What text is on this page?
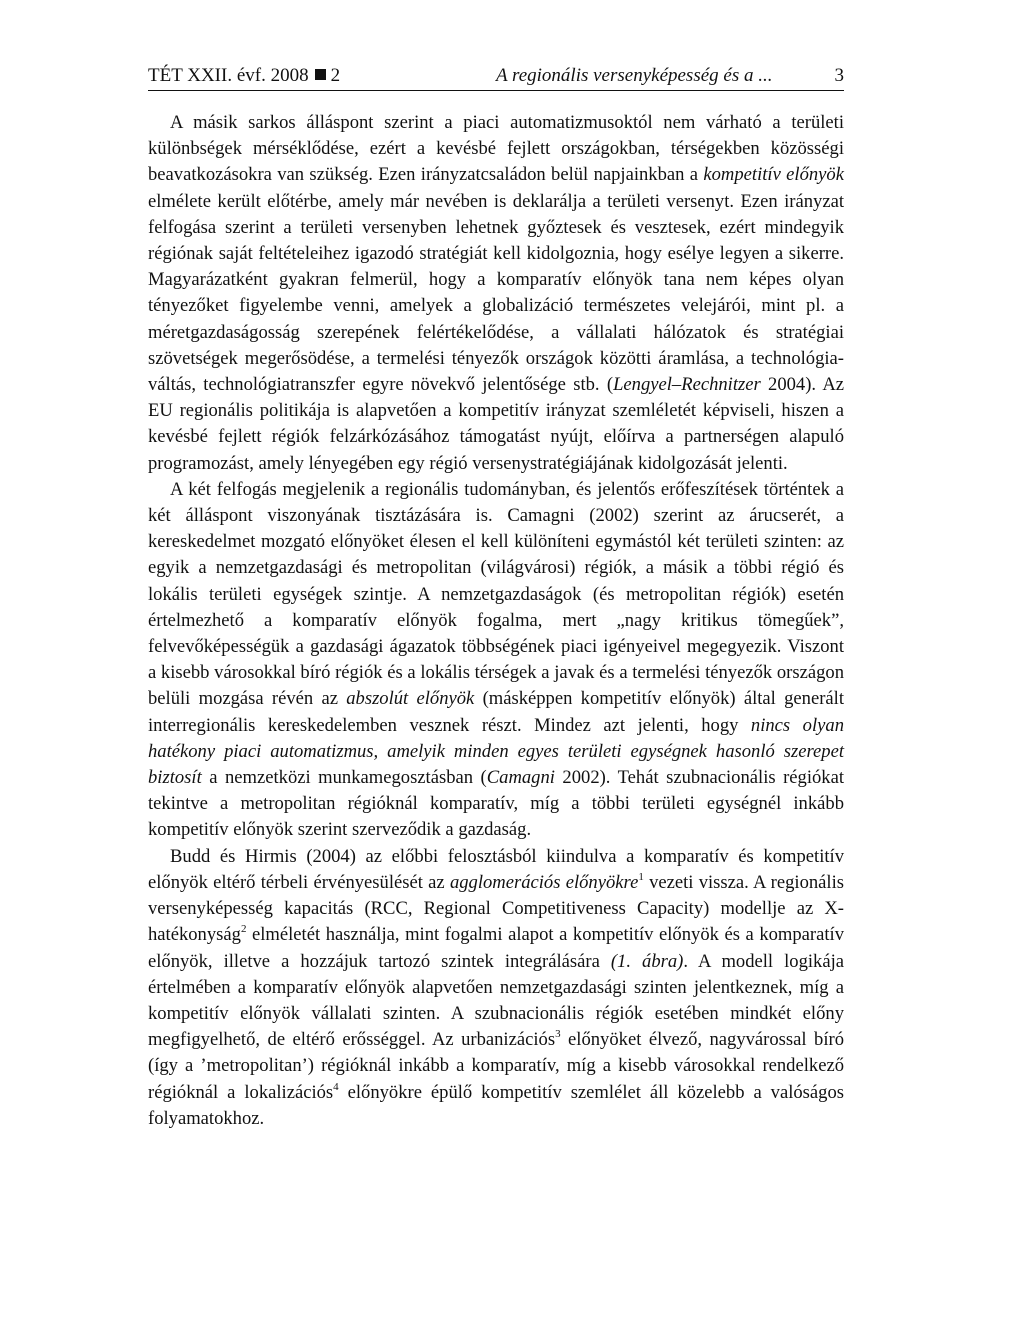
TÉT XXII. évf. 2008 2	A regionális versenyképesség és a ...	3

A másik sarkos álláspont szerint a piaci automatizmusoktól nem várható a területi különbségek mérséklődése, ezért a kevésbé fejlett országokban, térségekben közösségi beavatkozásokra van szükség. Ezen irányzatcsaládon belül napjainkban a kompetitív előnyök elmélete került előtérbe, amely már nevében is deklarálja a területi versenyt. Ezen irányzat felfogása szerint a területi versenyben lehetnek győztesek és vesztesek, ezért mindegyik régiónak saját feltételeihez igazodó stratégiát kell kidolgoznia, hogy esélye legyen a sikerre. Magyarázatként gyakran felmerül, hogy a komparatív előnyök tana nem képes olyan tényezőket figyelembe venni, amelyek a globalizáció természetes velejárói, mint pl. a méretgazdaságosság szerepének felértékelődése, a vállalati hálózatok és stratégiai szövetségek megerősödése, a termelési tényezők országok közötti áramlása, a technológia-váltás, technológiatranszfer egyre növekvő jelentősége stb. (Lengyel–Rechnitzer 2004). Az EU regionális politikája is alapvetően a kompetitív irányzat szemléletét képviseli, hiszen a kevésbé fejlett régiók felzárkózásához támogatást nyújt, előírva a partnerségen alapuló programozást, amely lényegében egy régió versenystratégiájának kidolgozását jelenti.

A két felfogás megjelenik a regionális tudományban, és jelentős erőfeszítések történtek a két álláspont viszonyának tisztázására is. Camagni (2002) szerint az árucserét, a kereskedelmet mozgató előnyöket élesen el kell különíteni egymástól két területi szinten: az egyik a nemzetgazdasági és metropolitan (világvárosi) régiók, a másik a többi régió és lokális területi egységek szintje. A nemzetgazdaságok (és metropolitan régiók) esetén értelmezhető a komparatív előnyök fogalma, mert „nagy kritikus tömegűek”, felvevőképességük a gazdasági ágazatok többségének piaci igényeivel megegyezik. Viszont a kisebb városokkal bíró régiók és a lokális térségek a javak és a termelési tényezők országon belüli mozgása révén az abszolút előnyök (másképpen kompetitív előnyök) által generált interregionális kereskedelemben vesznek részt. Mindez azt jelenti, hogy nincs olyan hatékony piaci automatizmus, amelyik minden egyes területi egységnek hasonló szerepet biztosít a nemzetközi munkamegosztásban (Camagni 2002). Tehát szubnacionális régiókat tekintve a metropolitan régióknál komparatív, míg a többi területi egységnél inkább kompetitív előnyök szerint szerveződik a gazdaság.

Budd és Hirmis (2004) az előbbi felosztásból kiindulva a komparatív és kompetitív előnyök eltérő térbeli érvényesülését az agglomerációs előnyökre$^1$ vezeti vissza. A regionális versenyképesség kapacitás (RCC, Regional Competitiveness Capacity) modellje az X-hatékonyság$^2$ elméletét használja, mint fogalmi alapot a kompetitív előnyök és a komparatív előnyök, illetve a hozzájuk tartozó szintek integrálására (1. ábra). A modell logikája értelmében a komparatív előnyök alapvetően nemzetgazdasági szinten jelentkeznek, míg a kompetitív előnyök vállalati szinten. A szubnacionális régiók esetében mindkét előny megfigyelhető, de eltérő erősséggel. Az urbanizációs$^3$ előnyöket élvező, nagyvárossal bíró (így a ’metropolitan’) régióknál inkább a komparatív, míg a kisebb városokkal rendelkező régióknál a lokalizációs$^4$ előnyökre épülő kompetitív szemlélet áll közelebb a valóságos folyamatokhoz.
